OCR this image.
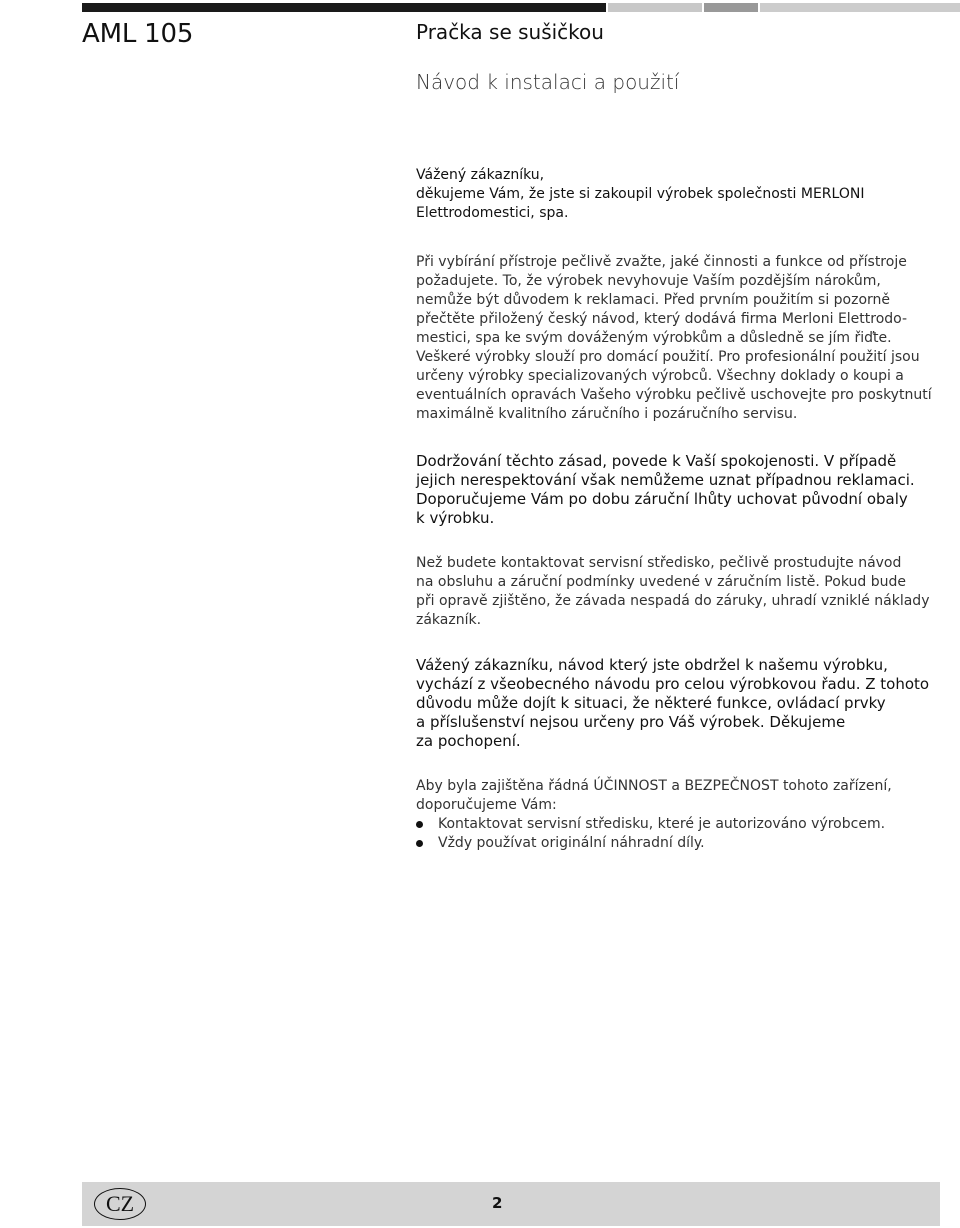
AML 105	Pračka se sušičkou
Návod k instalaci a použití

Vážený zákazníku,

děkujeme Vám, že jste si zakoupil výrobek společnosti MERLONI

Elettrodomestici, spa.

Při vybírání přístroje pečlivě zvažte, jaké činnosti a funkce od přístroje

požadujete. To, že výrobek nevyhovuje Vaším pozdějším nárokům,

nemůže být důvodem k reklamaci. Před prvním použitím si pozorně

přečtěte přiložený český návod, který dodává firma Merloni Elettrodo-

mestici, spa ke svým dováženým výrobkům a důsledně se jím řiďte.

Veškeré výrobky slouží pro domácí použití. Pro profesionální použití jsou

určeny výrobky specializovaných výrobců. Všechny doklady o koupi a

eventuálních opravách Vašeho výrobku pečlivě uschovejte pro poskytnutí

maximálně kvalitního záručního i pozáručního servisu.

Dodržování těchto zásad, povede k Vaší spokojenosti. V případě

jejich nerespektování však nemůžeme uznat případnou reklamaci.

Doporučujeme Vám po dobu záruční lhůty uchovat původní obaly

k výrobku.

Než budete kontaktovat servisní středisko, pečlivě prostudujte návod

na obsluhu a záruční podmínky uvedené v záručním listě. Pokud bude

při opravě zjištěno, že závada nespadá do záruky, uhradí vzniklé náklady

zákazník.

Vážený zákazníku, návod který jste obdržel k našemu výrobku,

vychází z všeobecného návodu pro celou výrobkovou řadu. Z tohoto

důvodu může dojít k situaci, že některé funkce, ovládací prvky

a příslušenství nejsou určeny pro Váš výrobek. Děkujeme

za pochopení.

Aby byla zajištěna řádná ÚČINNOST a BEZPEČNOST tohoto zařízení,

doporučujeme Vám:

Kontaktovat servisní středisku, které je autorizováno výrobcem.
Vždy používat originální náhradní díly.
CZ	2
